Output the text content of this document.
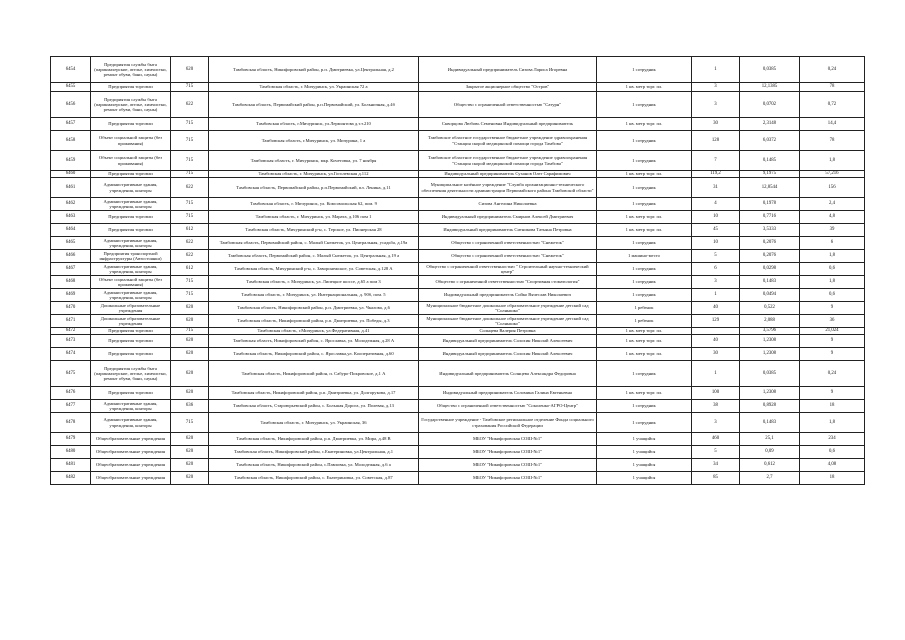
6454	Предприятия службы быта (парикмахерские, ателье, химчистки, ремонт обуви, бани, сауны)	620	Тамбовская область, Никифоровский район, р.п. Дмитриевка, ул.Центральная, д.2	Индивидуальный предприниматель Сизова Лариса Игоревна	1 сотрудник	1	0,0385	0,24
6455	Предприятия торговли	715	Тамбовская область, г. Мичуринск, ул. Украинская 72 а	Закрытое акционерное общество "Остров"	1 кв. метр торг. пл.	3	12,1385	78
6456	Предприятия службы быта (парикмахерские, ателье, химчистки, ремонт обуви, бани, сауны)	622	Тамбовская область, Первомайский район, р.п.Первомайский, ул. Больничная, д.4б	Общество с ограниченной ответственностью "Сатурн"	1 сотрудник	3	0,0702	0,72
6457	Предприятия торговли	715	Тамбовская область, г.Мичуринск, ул.Лермонтова д.т.т.210	Скворцова Любовь Семеновна Индивидуальный предприниматель	1 кв. метр торг. пл.	30	2,3148	14,4
6458	Объект социальной защиты (без проживания)	715	Тамбовская область, г.Мичуринск, ул. Мичурина, 1 а	Тамбовское областное государственное бюджетное учреждение здравоохранения "Станция скорой медицинской помощи города Тамбова"	1 сотрудник	128	6,0372	78
6459	Объект социальной защиты (без проживания)	715	Тамбовская область, г. Мичуринск, мкр. Кочетовка, ул. 7 ноября	Тамбовское областное государственное бюджетное учреждение здравоохранения "Станция скорой медицинской помощи города Тамбова"	1 сотрудник	7	0,1485	1,8
6460	Предприятия торговли	715	Тамбовская область, г. Мичуринск, ул.Гоголевская д.112	Индивидуальный предприниматель Суханов Олег Сарафимович	1 кв. метр торг. пл.	119,2	9,1975	57,216
6461	Административные здания, учреждения, конторы	622	Тамбовская область, Первомайский район, р.п.Первомайский, пл. Ленина, д.11	Муниципальное казённое учреждение "Служба организационно-технического обеспечения деятельности администрации Первомайского района Тамбовской области"	1 сотрудник	31	12,8544	156
6462	Административные здания, учреждения, конторы	715	Тамбовская область, г. Мичуринск, ул. Комсомольская 62, пом. 9	Сизова Ангелина Николаевна	1 сотрудник	4	0,1978	2,4
6463	Предприятия торговли	715	Тамбовская область, г. Мичуринск, ул. Марата, д.106 пом 1	Индивидуальный предприниматель Смирнов Алексей Дмитриевич	1 кв. метр торг. пл.	10	0,7716	4,8
6464	Предприятия торговли	612	Тамбовская область, Мичуринский р-н, с. Терское, ул. Пионерская 28	Индивидуальный предприниматель Ситникова Татьяна Петровна	1 кв. метр торг. пл.	45	3,5333	39
6465	Административные здания, учреждения, конторы	622	Тамбовская область, Первомайский район, с. Малый Снежеток, ул. Центральная, усадьба, д.19а	Общество с ограниченной ответственностью "Снежеток"	1 сотрудник	10	0,2076	6
6466	Предприятия транспортной инфраструктуры (Автостоянки)	622	Тамбовская область, Первомайский район, с. Малый Снежеток, ул. Центральная, д.19 а	Общество с ограниченной ответственностью "Снежеток"	1 машино-место	5	0,2076	1,8
6467	Административные здания, учреждения, конторы	612	Тамбовская область, Мичуринский р-н, с. Заворонежское, ул. Советская, д.128 А	Общество с ограниченной ответственностью " Строительный научно-технический центр"	1 сотрудник	6	0,0298	0,6
6468	Объект социальной защиты (без проживания)	715	Тамбовская область, г. Мичуринск, ул. Липецкое шоссе, д.65 а пом 3	Общество с ограниченной ответственностью "Спортивная стоматология"	1 сотрудник	3	0,1483	1,8
6469	Административные здания, учреждения, конторы	715	Тамбовская область, г. Мичуринск, ул. Интернациональная, д. 90б, пом. 5	Индивидуальный предприниматель Сойко Вячеслав Николаевич	1 сотрудник	1	0,0494	0,6
6470	Дошкольные образовательные учреждения	620	Тамбовская область, Никифоровский район, р.п. Дмитриевка, ул. Чкалова, д.6	Муниципальное бюджетное дошкольное образовательное учреждение детский сад "Солнышко"	1 ребенок	40	0,522	9
6471	Дошкольные образовательные учреждения	620	Тамбовская область, Никифоровский район, р.п. Дмитриевка, ул. Победы, д.3	Муниципальное бюджетное дошкольное образовательное учреждение детский сад "Солнышко"	1 ребенок	129	2,088	36
6472	Предприятия торговли	715	Тамбовская область, г.Мичуринск, ул.Федеративная, д.41	Солнцева Валерия Петровна	1 кв. метр торг. пл.		3,5796	21,024
6473	Предприятия торговли	620	Тамбовская область, Никифоровский район, с. Ярославка, ул. Молодежная, д.28 А	Индивидуальный предприниматель Солохин Николай Алексеевич	1 кв. метр торг. пл.	40	1,2308	9
6474	Предприятия торговли	620	Тамбовская область, Никифоровский район, с. Ярославка,ул. Кооперативная, д.60	Индивидуальный предприниматель Солохин Николай Алексеевич	1 кв. метр торг. пл.	30	1,2308	9
6475	Предприятия службы быта (парикмахерские, ателье, химчистки, ремонт обуви, бани, сауны)	620	Тамбовская область, Никифоровский район, п. Сабуро-Покровское, д.1 А	Индивидуальный предприниматель Солнцева Александра Федоровна	1 сотрудник	1	0,0385	0,24
6476	Предприятия торговли	620	Тамбовская область, Никифоровский район, р.п. Дмитриевка, ул. Долгорукова, д.17	Индивидуальный предприниматель Соломина Галина Евгеньевна	1 кв. метр торг. пл.	100	1,2308	9
6477	Административные здания, учреждения, конторы	636	Тамбовская область, Староюрьевский район, с. Большая Дорога, ул. Полевая, д.13	Общество с ограниченной ответственностью "Соколенко-АГРО-Центр"	1 сотрудник	38	0,8928	18
6478	Административные здания, учреждения, конторы	715	Тамбовская область, г. Мичуринск, ул. Украинская, 36	Государственное учреждение - Тамбовское региональное отделение Фонда социального страхования Российской Федерации	1 сотрудник	3	0,1483	1,8
6479	Общеобразовательные учреждения	620	Тамбовская область, Никифоровский район, р.п. Дмитриевка, ул. Мира, д.48 В	МБОУ "Никифоровская СОШ-№1"	1 учащийся	460	25,1	234
6480	Общеобразовательные учреждения	620	Тамбовская область, Никифоровский район, с.Екатериновка, ул.Центральная, д.1	МБОУ "Никифоровская СОШ-№1"	1 учащийся	5	0,09	0,6
6481	Общеобразовательные учреждения	620	Тамбовская область, Никифоровский район, с.Павловка, ул. Молодежная, д.6 а	МБОУ "Никифоровская СОШ-№1"	1 учащийся	34	0,612	4,08
6482	Общеобразовательные учреждения	620	Тамбовская область, Никифоровский район, с. Екатериновка, ул. Советская, д.87	МБОУ "Никифоровская СОШ-№1"	1 учащийся	85	2,7	18
